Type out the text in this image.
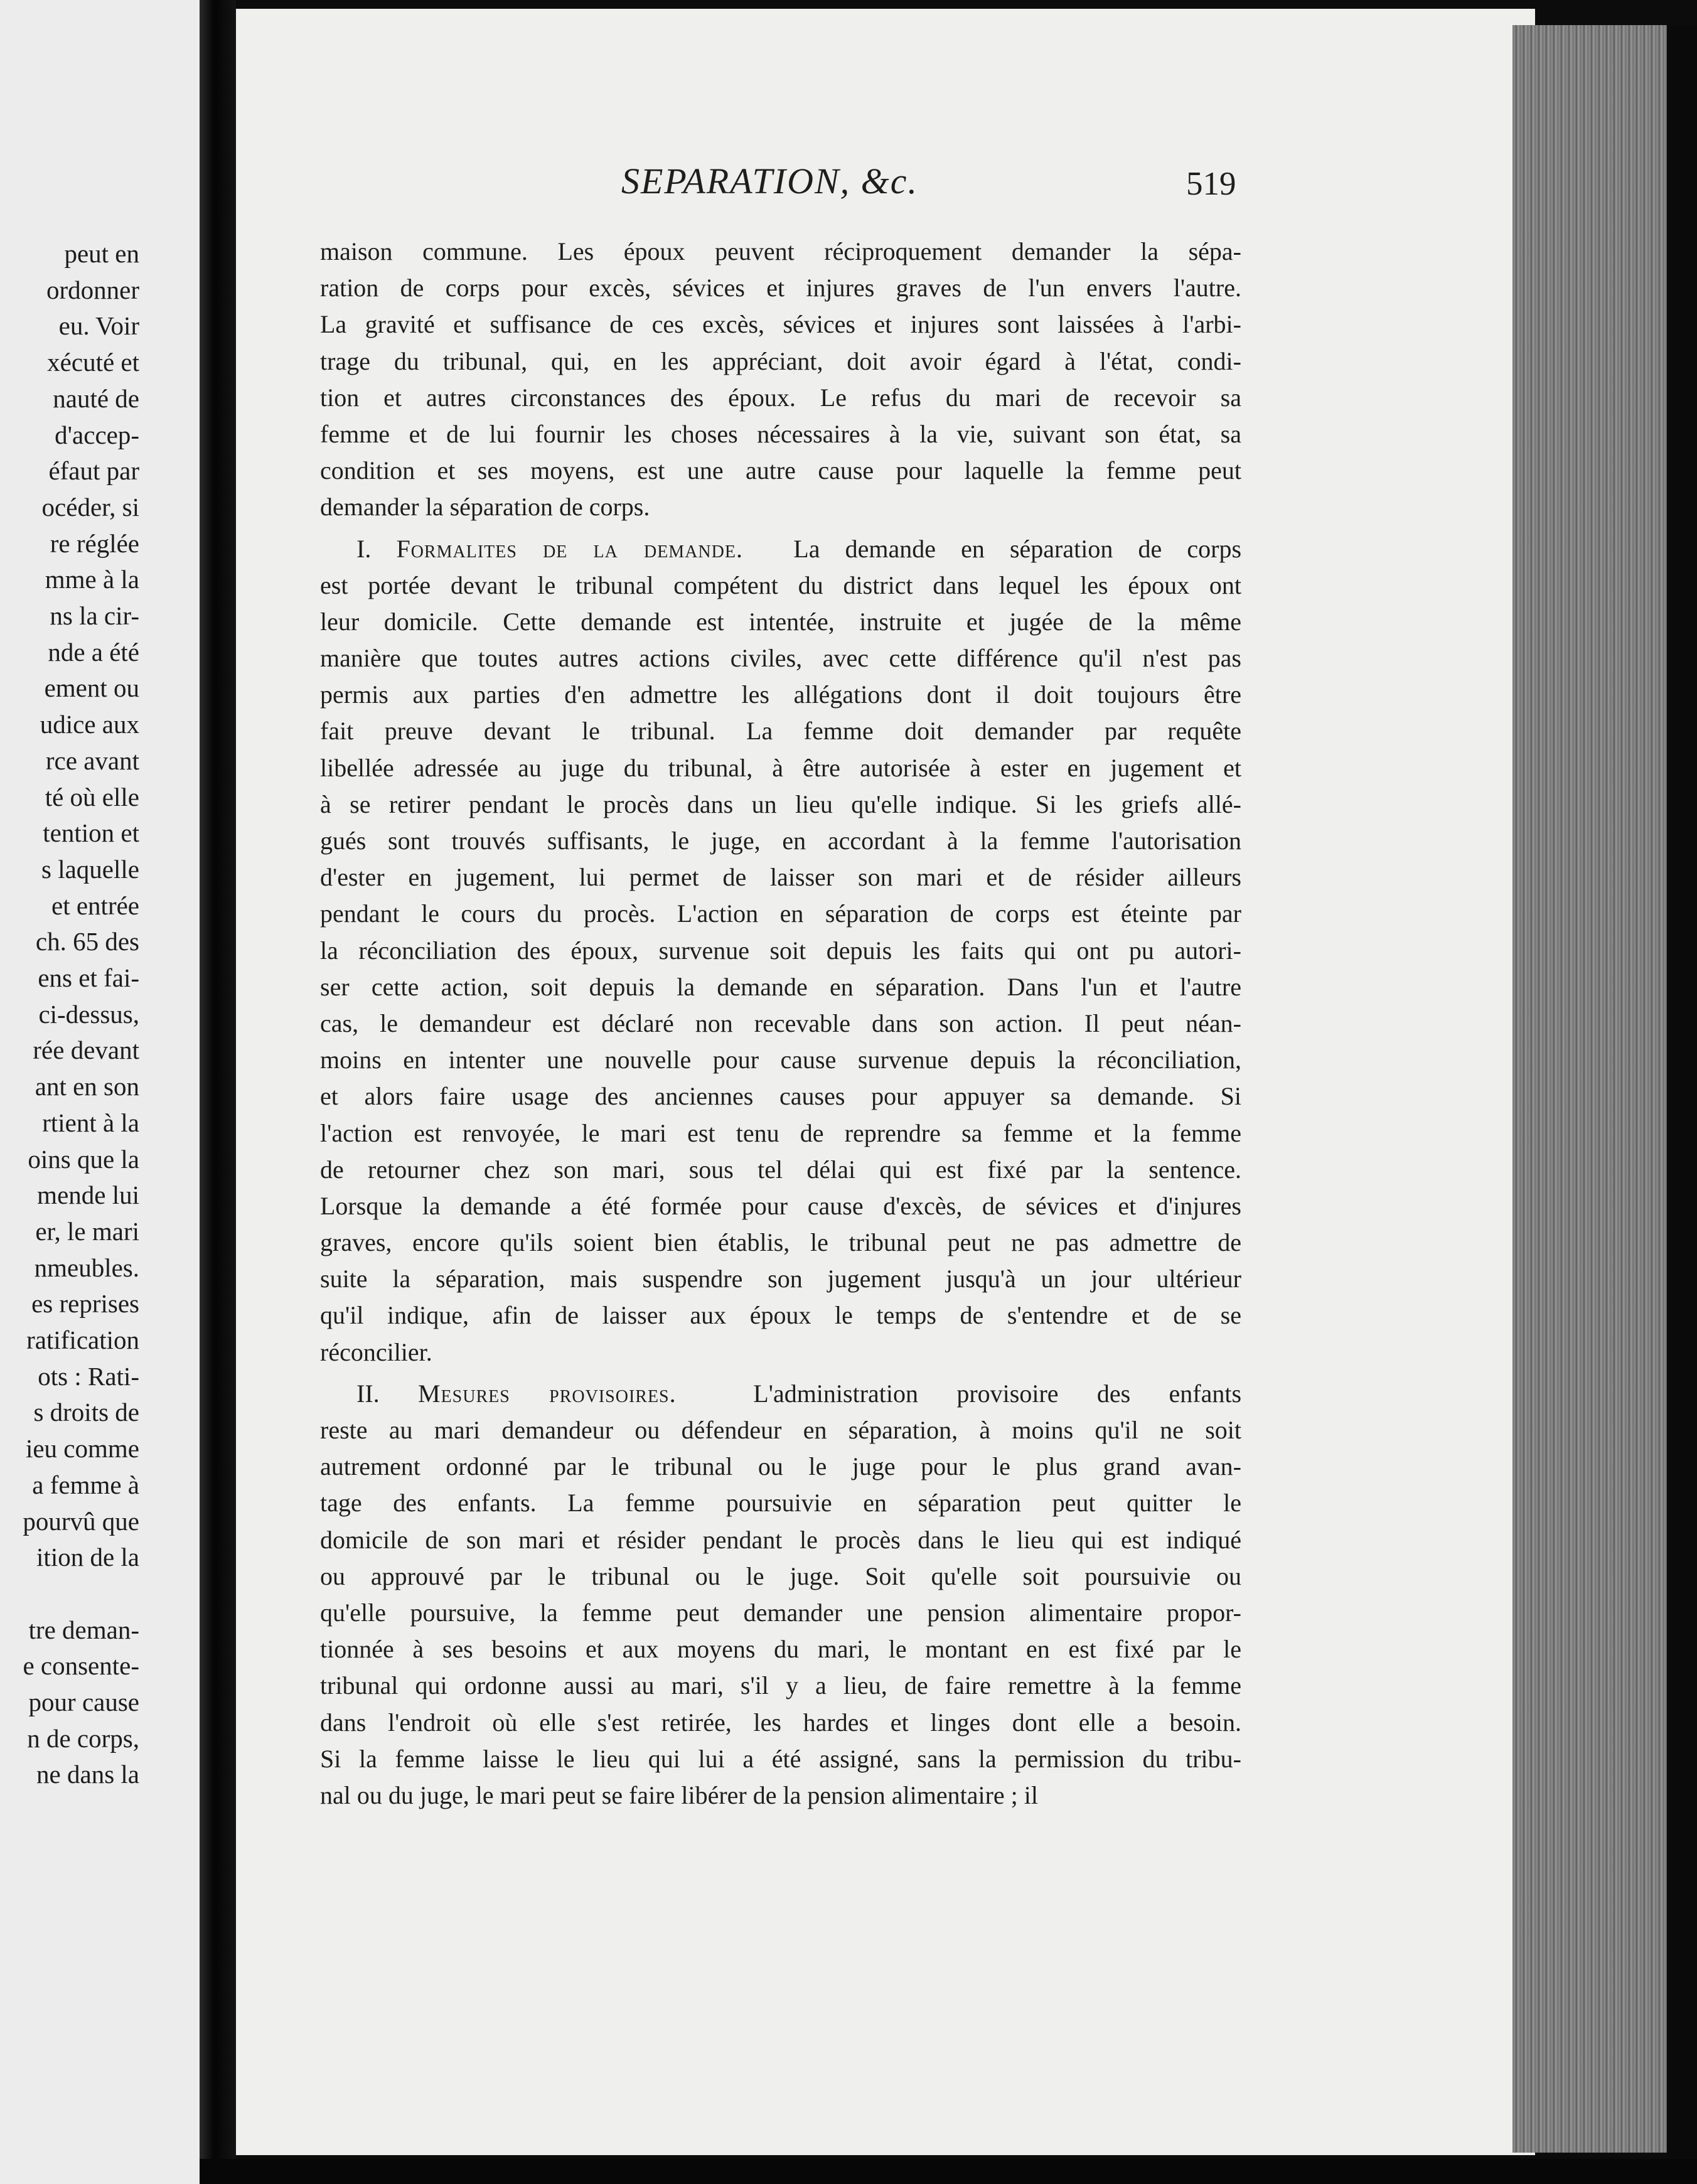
peut en
ordonner
eu. Voir
xécuté et
nauté de
d'accep-
éfaut par
océder, si
re réglée
mme à la
ns la cir-
nde a été
ement ou
udice aux
rce avant
té où elle
tention et
s laquelle
et entrée
ch. 65 des
ens et fai-
ci-dessus,
rée devant
ant en son
rtient à la
oins que la
mende lui
er, le mari
nmeubles.
es reprises
ratification
ots : Rati-
s droits de
ieu comme
a femme à
pourvû que
ition de la
tre deman-
e consente-
pour cause
n de corps,
ne dans la
SEPARATION, &c.	519
maison commune. Les époux peuvent réciproquement demander la sépa-
ration de corps pour excès, sévices et injures graves de l'un envers l'autre.
La gravité et suffisance de ces excès, sévices et injures sont laissées à l'arbi-
trage du tribunal, qui, en les appréciant, doit avoir égard à l'état, condi-
tion et autres circonstances des époux. Le refus du mari de recevoir sa
femme et de lui fournir les choses nécessaires à la vie, suivant son état, sa
condition et ses moyens, est une autre cause pour laquelle la femme peut
demander la séparation de corps.
I. Formalites de la demande. La demande en séparation de corps
est portée devant le tribunal compétent du district dans lequel les époux ont
leur domicile. Cette demande est intentée, instruite et jugée de la même
manière que toutes autres actions civiles, avec cette différence qu'il n'est pas
permis aux parties d'en admettre les allégations dont il doit toujours être
fait preuve devant le tribunal. La femme doit demander par requête
libellée adressée au juge du tribunal, à être autorisée à ester en jugement et
à se retirer pendant le procès dans un lieu qu'elle indique. Si les griefs allé-
gués sont trouvés suffisants, le juge, en accordant à la femme l'autorisation
d'ester en jugement, lui permet de laisser son mari et de résider ailleurs
pendant le cours du procès. L'action en séparation de corps est éteinte par
la réconciliation des époux, survenue soit depuis les faits qui ont pu autori-
ser cette action, soit depuis la demande en séparation. Dans l'un et l'autre
cas, le demandeur est déclaré non recevable dans son action. Il peut néan-
moins en intenter une nouvelle pour cause survenue depuis la réconciliation,
et alors faire usage des anciennes causes pour appuyer sa demande. Si
l'action est renvoyée, le mari est tenu de reprendre sa femme et la femme
de retourner chez son mari, sous tel délai qui est fixé par la sentence.
Lorsque la demande a été formée pour cause d'excès, de sévices et d'injures
graves, encore qu'ils soient bien établis, le tribunal peut ne pas admettre de
suite la séparation, mais suspendre son jugement jusqu'à un jour ultérieur
qu'il indique, afin de laisser aux époux le temps de s'entendre et de se
réconcilier.
II. Mesures provisoires.	L'administration provisoire des enfants
reste au mari demandeur ou défendeur en séparation, à moins qu'il ne soit
autrement ordonné par le tribunal ou le juge pour le plus grand avan-
tage des enfants. La femme poursuivie en séparation peut quitter le
domicile de son mari et résider pendant le procès dans le lieu qui est indiqué
ou approuvé par le tribunal ou le juge. Soit qu'elle soit poursuivie ou
qu'elle poursuive, la femme peut demander une pension alimentaire propor-
tionnée à ses besoins et aux moyens du mari, le montant en est fixé par le
tribunal qui ordonne aussi au mari, s'il y a lieu, de faire remettre à la femme
dans l'endroit où elle s'est retirée, les hardes et linges dont elle a besoin.
Si la femme laisse le lieu qui lui a été assigné, sans la permission du tribu-
nal ou du juge, le mari peut se faire libérer de la pension alimentaire ; il
